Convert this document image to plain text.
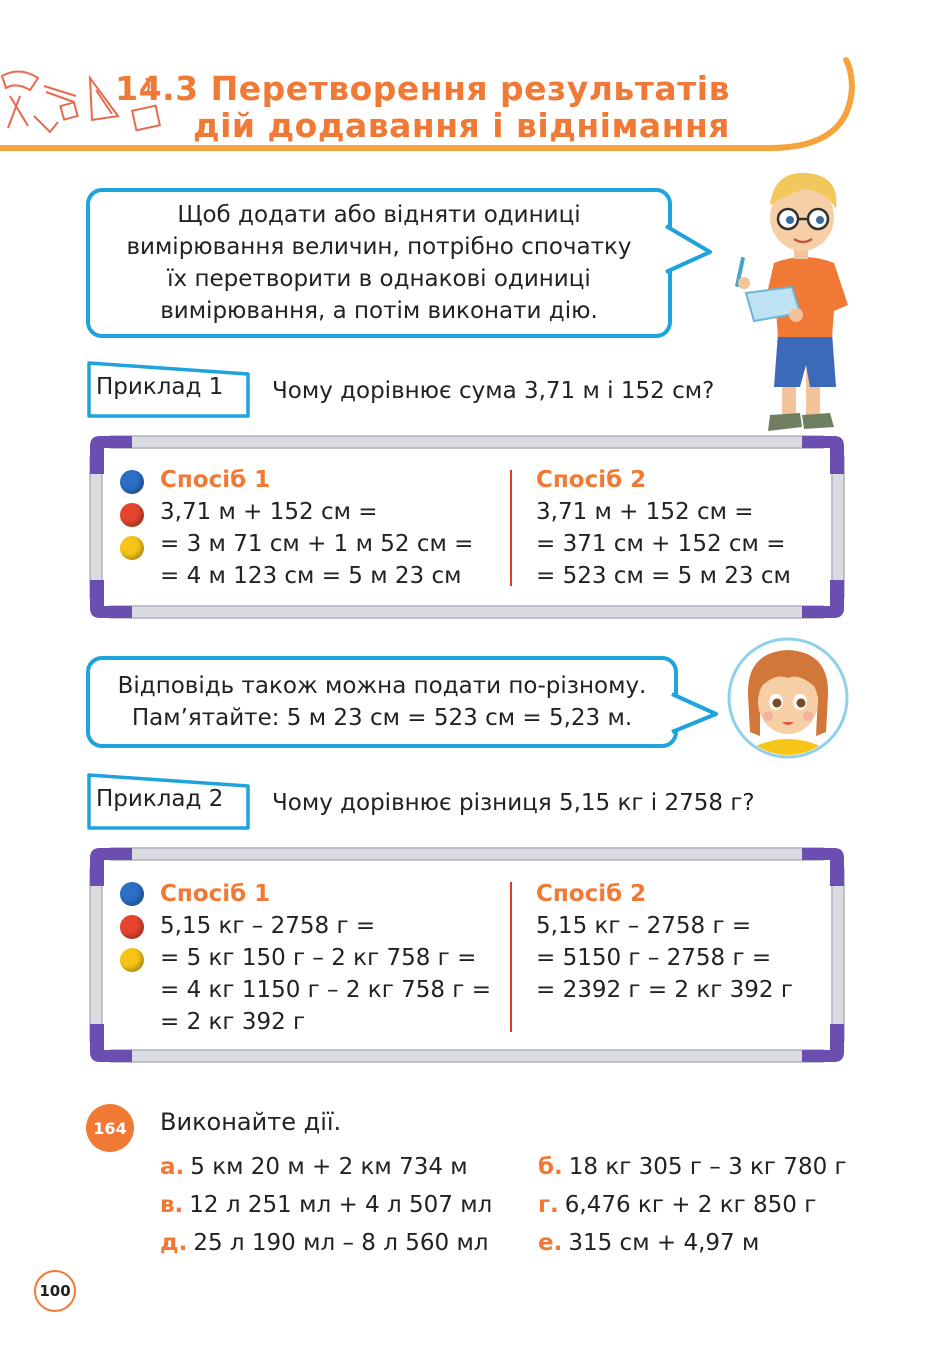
14.3 Перетворення результатів
дій додавання і віднімання
Щоб додати або відняти одиниці
вимірювання величин, потрібно спочатку
їх перетворити в однакові одиниці
вимірювання, а потім виконати дію.
Приклад 1 Чому дорівнює сума 3,71 м і 152 см?
Спосіб 1
3,71 м + 152 см =
= 3 м 71 см + 1 м 52 см =
= 4 м 123 см = 5 м 23 см
Спосіб 2
3,71 м + 152 см =
= 371 см + 152 см =
= 523 см = 5 м 23 см
Відповідь також можна подати по-різному.
Пам’ятайте: 5 м 23 см = 523 см = 5,23 м.
Приклад 2 Чому дорівнює різниця 5,15 кг і 2758 г?
Спосіб 1
5,15 кг – 2758 г =
= 5 кг 150 г – 2 кг 758 г =
= 4 кг 1150 г – 2 кг 758 г =
= 2 кг 392 г
Спосіб 2
5,15 кг – 2758 г =
= 5150 г – 2758 г =
= 2392 г = 2 кг 392 г
164	Виконайте дії.
а. 5 км 20 м + 2 км 734 м	б. 18 кг 305 г – 3 кг 780 г
в. 12 л 251 мл + 4 л 507 мл г. 6,476 кг + 2 кг 850 г
д. 25 л 190 мл – 8 л 560 мл е. 315 см + 4,97 м
100
